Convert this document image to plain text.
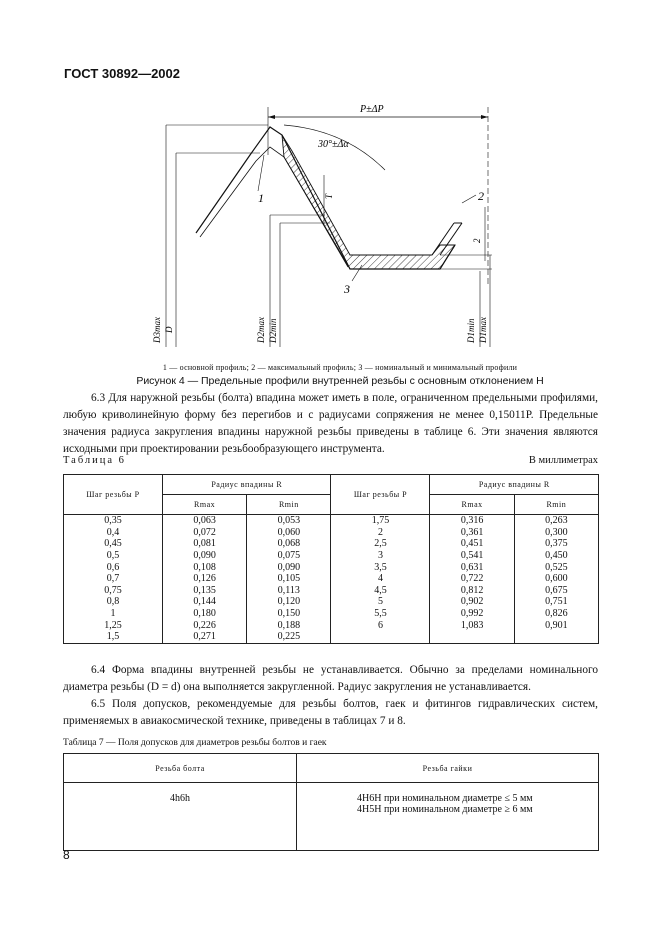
ГОСТ 30892—2002
P±ΔP
30°±Δα
T
2
1	2
3
D3max D	D2max D2min	D1min D1max
1 — основной профиль; 2 — максимальный профиль; 3 — номинальный и минимальный профили
Рисунок 4 — Предельные профили внутренней резьбы с основным отклонением Н
6.3 Для наружной резьбы (болта) впадина может иметь в поле, ограниченном предельными профилями, любую криволинейную форму без перегибов и с радиусами сопряжения не менее 0,15011P. Предельные значения радиуса закругления впадины наружной резьбы приведены в таблице 6. Эти значения являются исходными при проектировании резьбообразующего инструмента.
Таблица 6	В миллиметрах
Шаг резьбы P	Радиус впадины R		Шаг резьбы P	Радиус впадины R	
	Rmax	Rmin		Rmax	Rmin
0,35	0,063	0,053	1,75	0,316	0,263
0,4	0,072	0,060	2	0,361	0,300
0,45	0,081	0,068	2,5	0,451	0,375
0,5	0,090	0,075	3	0,541	0,450
0,6	0,108	0,090	3,5	0,631	0,525
0,7	0,126	0,105	4	0,722	0,600
0,75	0,135	0,113	4,5	0,812	0,675
0,8	0,144	0,120	5	0,902	0,751
1	0,180	0,150	5,5	0,992	0,826
1,25	0,226	0,188	6	1,083	0,901
1,5	0,271	0,225			
6.4 Форма впадины внутренней резьбы не устанавливается. Обычно за пределами номинального диаметра резьбы (D = d) она выполняется закругленной. Радиус закругления не устанавливается.
6.5 Поля допусков, рекомендуемые для резьбы болтов, гаек и фитингов гидравлических систем, применяемых в авиакосмической технике, приведены в таблицах 7 и 8.
Таблица 7 — Поля допусков для диаметров резьбы болтов и гаек
Резьба болта	Резьба гайки
4h6h	4H6H при номинальном диаметре ≤ 5 мм
4H5H при номинальном диаметре ≥ 6 мм
8
